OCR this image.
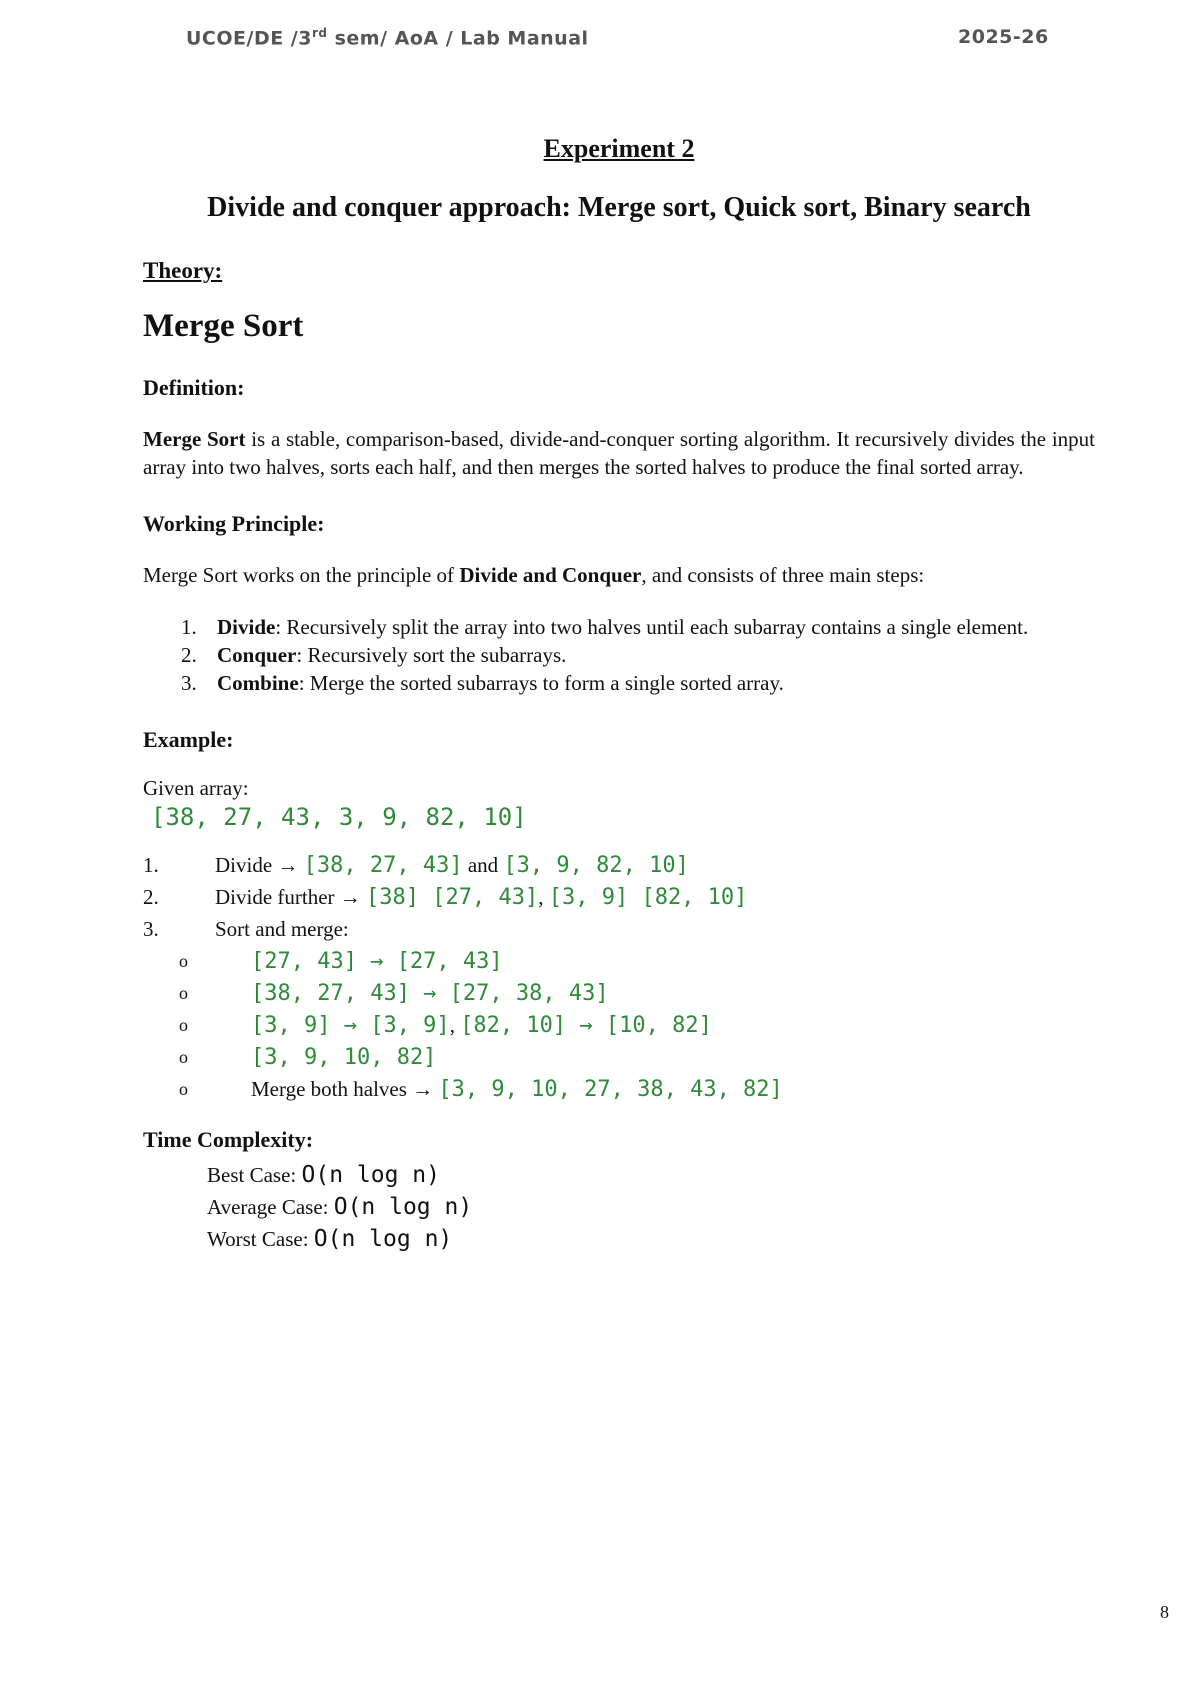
UCOE/DE /3rd sem/ AoA / Lab Manual	2025-26
Experiment 2
Divide and conquer approach: Merge sort, Quick sort, Binary search
Theory:
Merge Sort
Definition:

Merge Sort is a stable, comparison-based, divide-and-conquer sorting algorithm. It recursively divides the input array into two halves, sorts each half, and then merges the sorted halves to produce the final sorted array.

Working Principle:

Merge Sort works on the principle of Divide and Conquer, and consists of three main steps:

1. Divide: Recursively split the array into two halves until each subarray contains a single element.
2. Conquer: Recursively sort the subarrays.
3. Combine: Merge the sorted subarrays to form a single sorted array.
Example:
Given array:
[38, 27, 43, 3, 9, 82, 10]
1.	Divide → [38, 27, 43] and [3, 9, 82, 10]
2.	Divide further → [38] [27, 43], [3, 9] [82, 10]
3.	Sort and merge:
o	[27, 43] → [27, 43]
o	[38, 27, 43] → [27, 38, 43]
o	[3, 9] → [3, 9], [82, 10] → [10, 82]
o	[3, 9, 10, 82]
o	Merge both halves → [3, 9, 10, 27, 38, 43, 82]
Time Complexity:
Best Case: O(n log n)
Average Case: O(n log n)
Worst Case: O(n log n)
8
